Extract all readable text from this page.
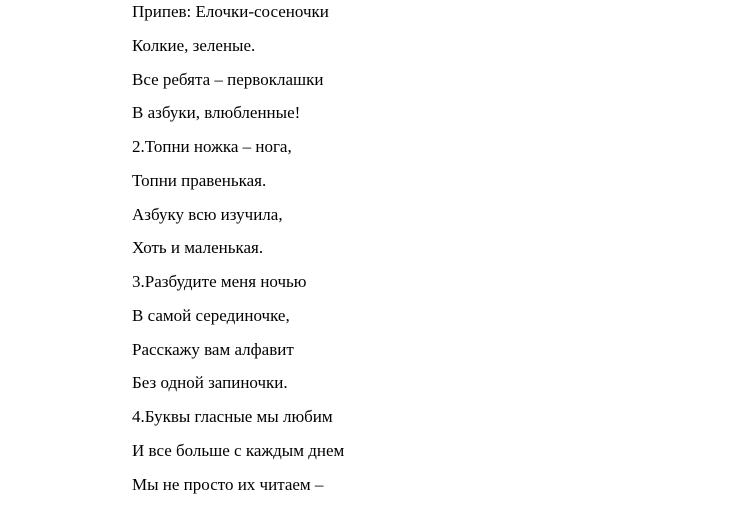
Припев: Елочки-сосеночки
Колкие, зеленые.
Все ребята – первоклашки
В азбуки, влюбленные!
2.Топни ножка – нога,
Топни правенькая.
Азбуку всю изучила,
Хоть и маленькая.
3.Разбудите меня ночью
В самой серединочке,
Расскажу вам алфавит
Без одной запиночки.
4.Буквы гласные мы любим
И все больше с каждым днем
Мы не просто их читаем –
